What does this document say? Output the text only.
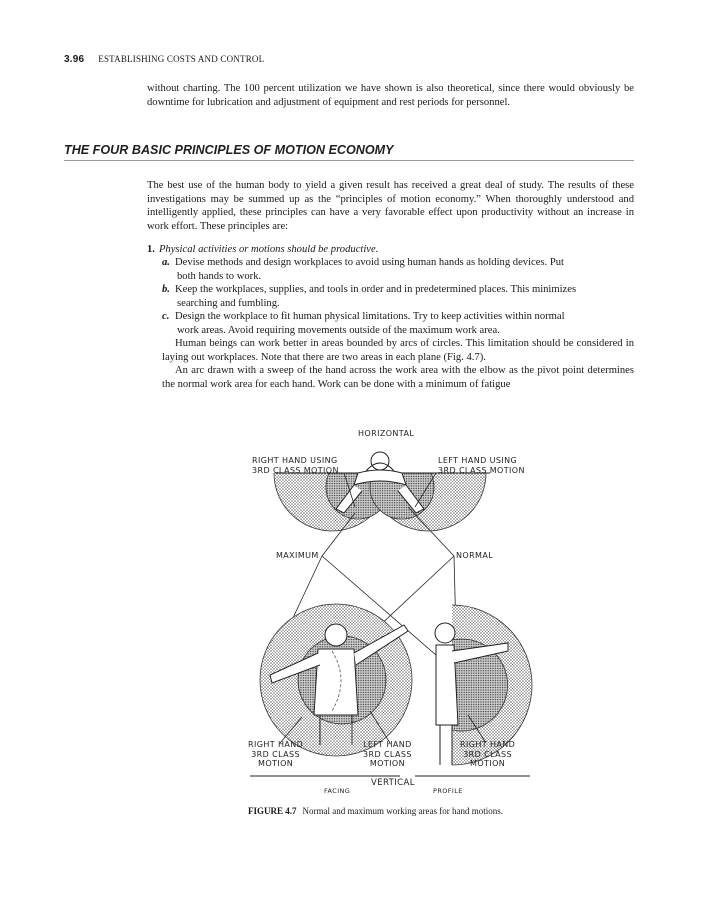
3.96 ESTABLISHING COSTS AND CONTROL
without charting. The 100 percent utilization we have shown is also theoretical, since there would obviously be downtime for lubrication and adjustment of equipment and rest periods for personnel.
THE FOUR BASIC PRINCIPLES OF MOTION ECONOMY
The best use of the human body to yield a given result has received a great deal of study. The results of these investigations may be summed up as the “principles of motion economy.” When thoroughly understood and intelligently applied, these principles can have a very favorable effect upon productivity without an increase in work effort. These principles are:
1. Physical activities or motions should be productive.
a. Devise methods and design workplaces to avoid using human hands as holding devices. Put
both hands to work.
b. Keep the workplaces, supplies, and tools in order and in predetermined places. This minimizes
searching and fumbling.
c. Design the workplace to fit human physical limitations. Try to keep activities within normal
work areas. Avoid requiring movements outside of the maximum work area.
Human beings can work better in areas bounded by arcs of circles. This limitation should be considered in laying out workplaces. Note that there are two areas in each plane (Fig. 4.7).
An arc drawn with a sweep of the hand across the work area with the elbow as the pivot point determines the normal work area for each hand. Work can be done with a minimum of fatigue
HORIZONTAL
RIGHT HAND USING
3RD CLASS MOTION
LEFT HAND USING
3RD CLASS MOTION
MAXIMUM	NORMAL
RIGHT HAND
3RD CLASS
MOTION
LEFT HAND
3RD CLASS
MOTION
RIGHT HAND
3RD CLASS
MOTION
VERTICAL
FACING	PROFILE
FIGURE 4.7 Normal and maximum working areas for hand motions.
